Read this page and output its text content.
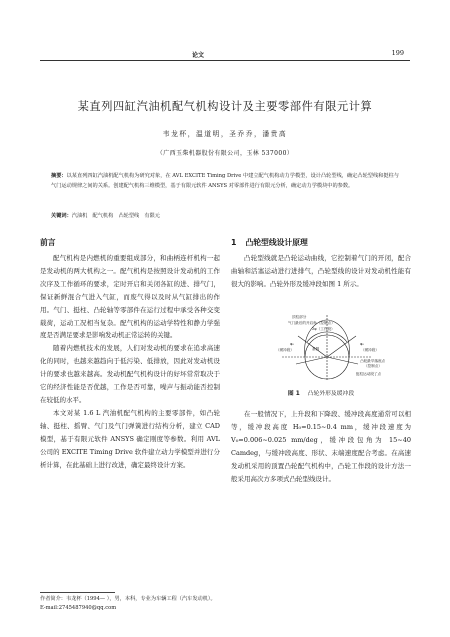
论文	199
某直列四缸汽油机配气机构设计及主要零部件有限元计算
韦龙杯，温道明，圣乔乔，潘贵高
（广西玉柴机器股份有限公司，玉林 537000）
摘要：以某直列四缸汽油机配气机构为研究对象，在 AVL EXCITE Timing Drive 中建立配气机构动力学模型，设计凸轮型线，确定凸轮型线和挺柱与气门运动规律之间的关系。创建配气机构三维模型，基于有限元软件 ANSYS 对零部件进行有限元分析，确定动力学模块中的参数。
关键词：汽油机　配气机构　凸轮型线　有限元
前言	1 凸轮型线设计原理

配气机构是内燃机的重要组成部分，和曲柄连杆机构一起是发动机的两大机构之一。配气机构是按照设计发动机的工作次序及工作循环的要求，定时开启和关闭各缸的进、排气门，保证新鲜混合气进入气缸，而废气得以及时从气缸排出的作用。气门、挺柱、凸轮轴等零部件在运行过程中承受各种交变载荷，运动工况相当复杂。配气机构的运动学特性和静力学强度是否满足要求是影响发动机正常运转的关键。

随着内燃机技术的发展，人们对发动机的要求在追求高速化的同时，也越来越趋向于低污染、低排放，因此对发动机设计的要求也越来越高。发动机配气机构设计的好坏常常取决于它的经济性能是否优越，工作是否可靠，噪声与振动能否控制在较低的水平。

本文对某 1.6 L 汽油机配气机构的主要零部件，如凸轮轴、挺柱、摇臂、气门及气门弹簧进行结构分析，建立 CAD 模型，基于有限元软件 ANSYS 确定刚度等参数。利用 AVL 公司的 EXCITE Timing Drive 软件建立动力学模型并进行分析计算，在此基础上进行改进，确定最终设计方案。

凸轮型线就是凸轮运动曲线，它控制着气门的开闭，配合曲轴和活塞运动进行进排气，凸轮型线的设计对发动机性能有很大的影响。凸轮外形及缓冲段如图 1 所示。

顶柱部分
气门最后的开启角（控制点）
2φ（工作段）
φ₀
（缓冲段）	基圆
φ₀
（缓冲段）
凸轮最早落座点
（控制点）
挺柱运动段了点
图 1 凸轮外形及缓冲段

在一般情况下，上升段和下降段、缓冲段高度通常可以相等，缓冲段高度 H₀=0.15~0.4 mm，缓冲段速度为 V₀=0.006~0.025 mm/deg，缓冲段包角为 15~40 Camdeg，与缓冲段高度、形状、末端速度配合考虑。在高速发动机采用的顶置凸轮配气机构中，凸轮工作段的设计方法一般采用高次方多项式凸轮型线设计。

作者简介：韦龙杯（1994— ），男，本科，专业为车辆工程（汽车发动机）。
E-mail:2745487940@qq.com
